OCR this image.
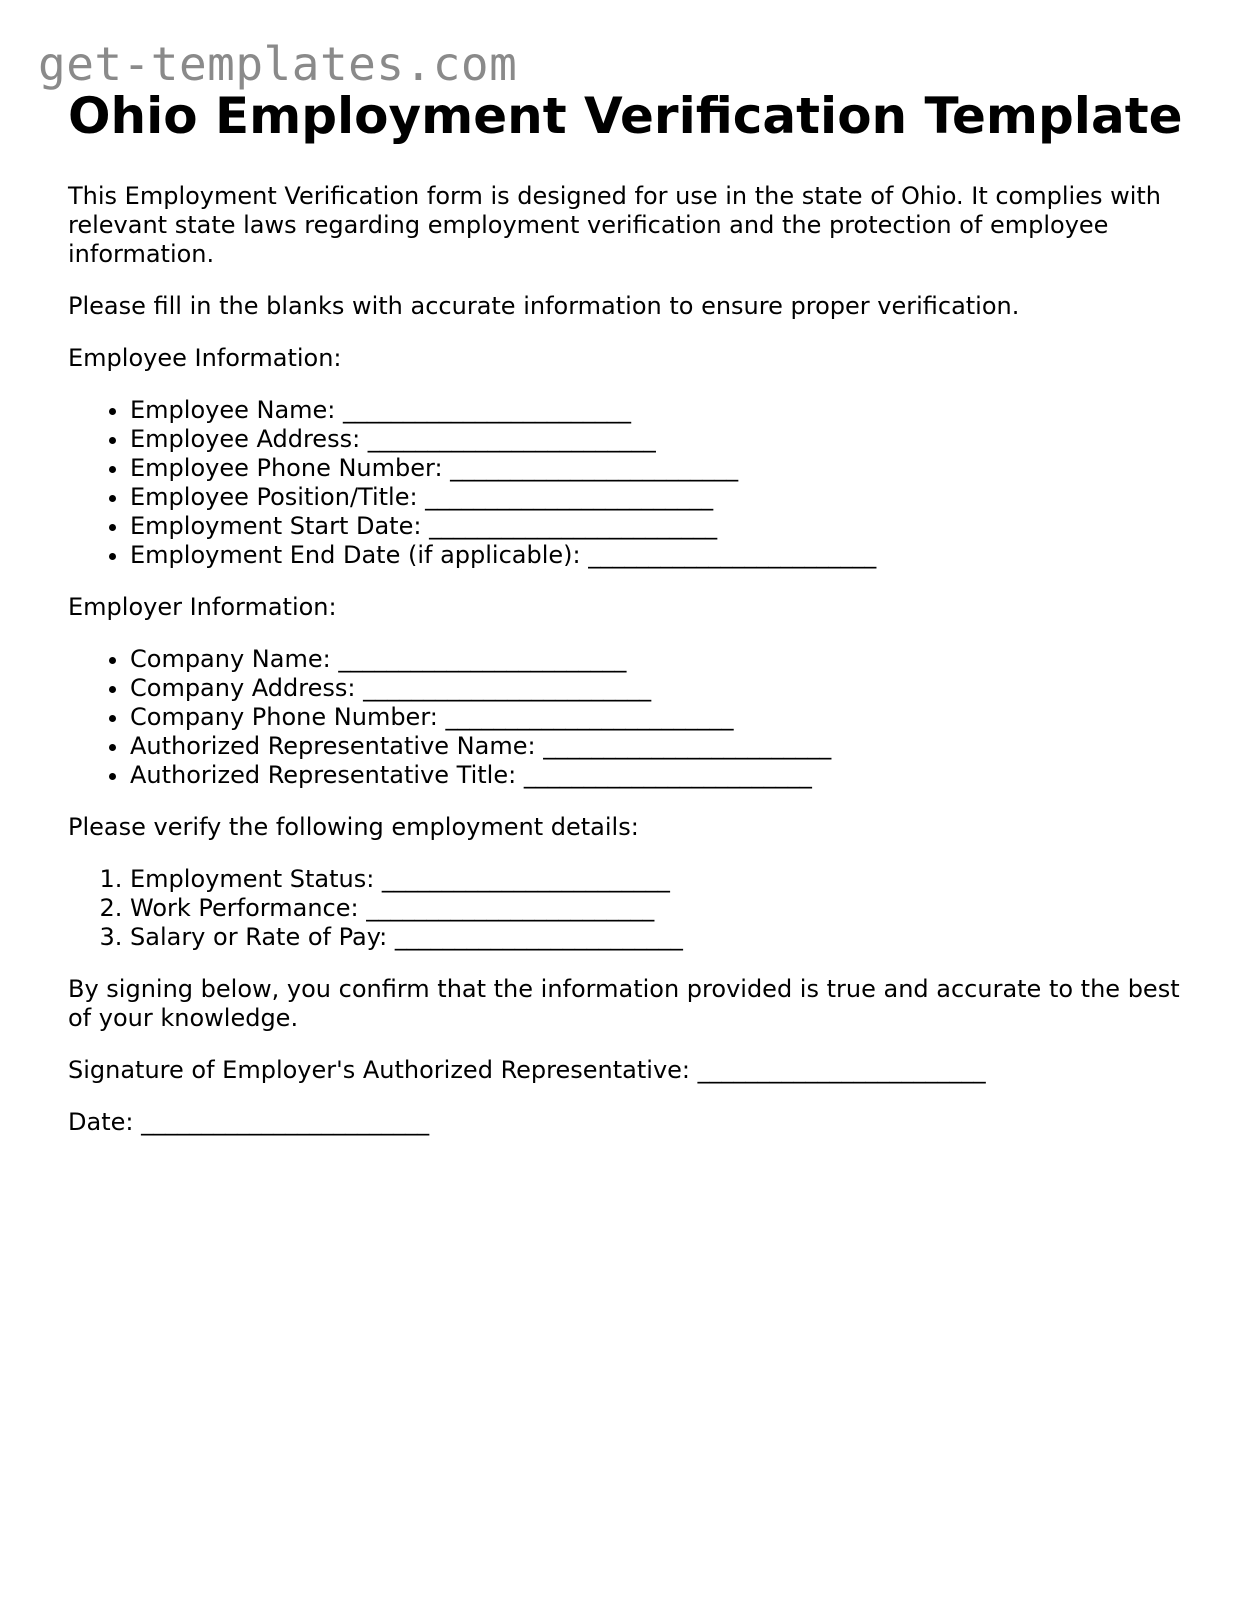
get-templates.com
Ohio Employment Verification Template

This Employment Verification form is designed for use in the state of Ohio. It complies with relevant state laws regarding employment verification and the protection of employee information.

Please fill in the blanks with accurate information to ensure proper verification.

Employee Information:

• Employee Name: ________________________
• Employee Address: ________________________
• Employee Phone Number: ________________________
• Employee Position/Title: ________________________
• Employment Start Date: ________________________
• Employment End Date (if applicable): ________________________

Employer Information:

• Company Name: ________________________
• Company Address: ________________________
• Company Phone Number: ________________________
• Authorized Representative Name: ________________________
• Authorized Representative Title: ________________________

Please verify the following employment details:

1. Employment Status: ________________________
2. Work Performance: ________________________
3. Salary or Rate of Pay: ________________________

By signing below, you confirm that the information provided is true and accurate to the best of your knowledge.

Signature of Employer's Authorized Representative: ________________________

Date: ________________________
